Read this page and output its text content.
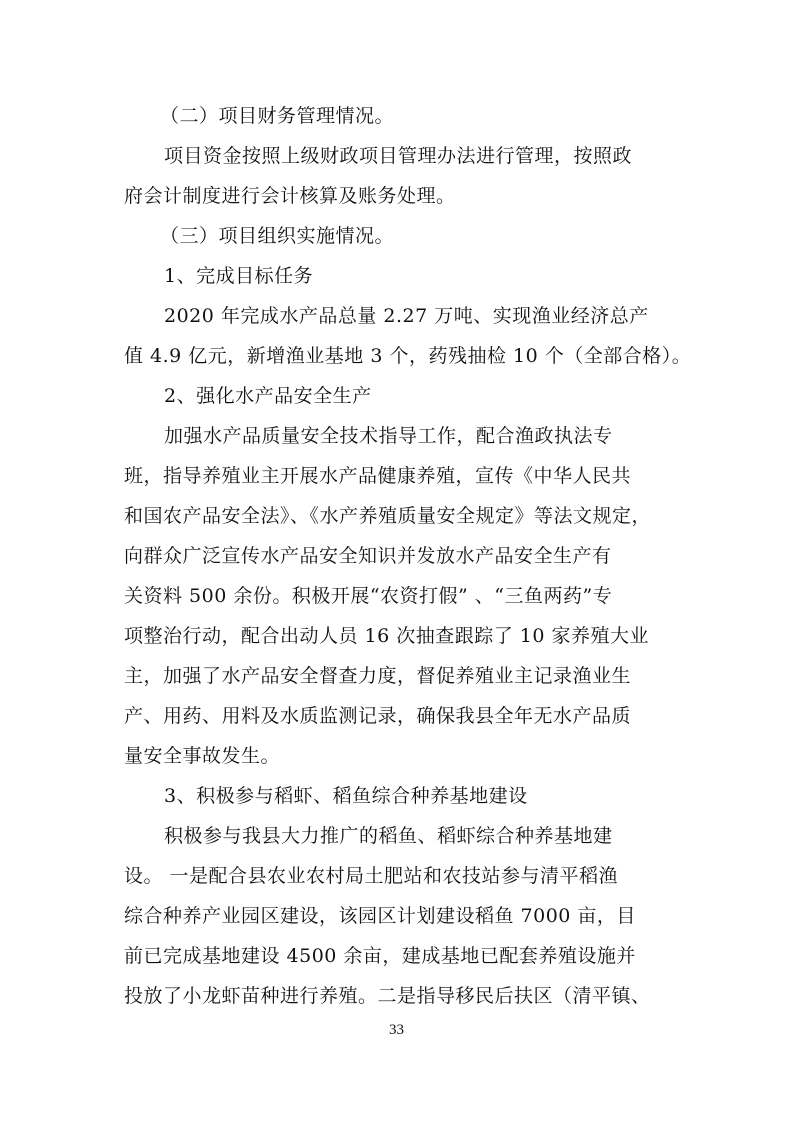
（二）项目财务管理情况。
项目资金按照上级财政项目管理办法进行管理，按照政
府会计制度进行会计核算及账务处理。
（三）项目组织实施情况。
1、完成目标任务
2020 年完成水产品总量 2.27 万吨、实现渔业经济总产
值 4.9 亿元，新增渔业基地 3 个，药残抽检 10 个（全部合格）。
2、强化水产品安全生产
加强水产品质量安全技术指导工作，配合渔政执法专
班，指导养殖业主开展水产品健康养殖，宣传《中华人民共
和国农产品安全法》、《水产养殖质量安全规定》等法文规定，
向群众广泛宣传水产品安全知识并发放水产品安全生产有
关资料 500 余份。积极开展“农资打假” 、“三鱼两药”专
项整治行动，配合出动人员 16 次抽查跟踪了 10 家养殖大业
主，加强了水产品安全督查力度，督促养殖业主记录渔业生
产、用药、用料及水质监测记录，确保我县全年无水产品质
量安全事故发生。
3、积极参与稻虾、稻鱼综合种养基地建设
积极参与我县大力推广的稻鱼、稻虾综合种养基地建
设。 一是配合县农业农村局土肥站和农技站参与清平稻渔
综合种养产业园区建设，该园区计划建设稻鱼 7000 亩，目
前已完成基地建设 4500 余亩，建成基地已配套养殖设施并
投放了小龙虾苗种进行养殖。二是指导移民后扶区（清平镇、
33
